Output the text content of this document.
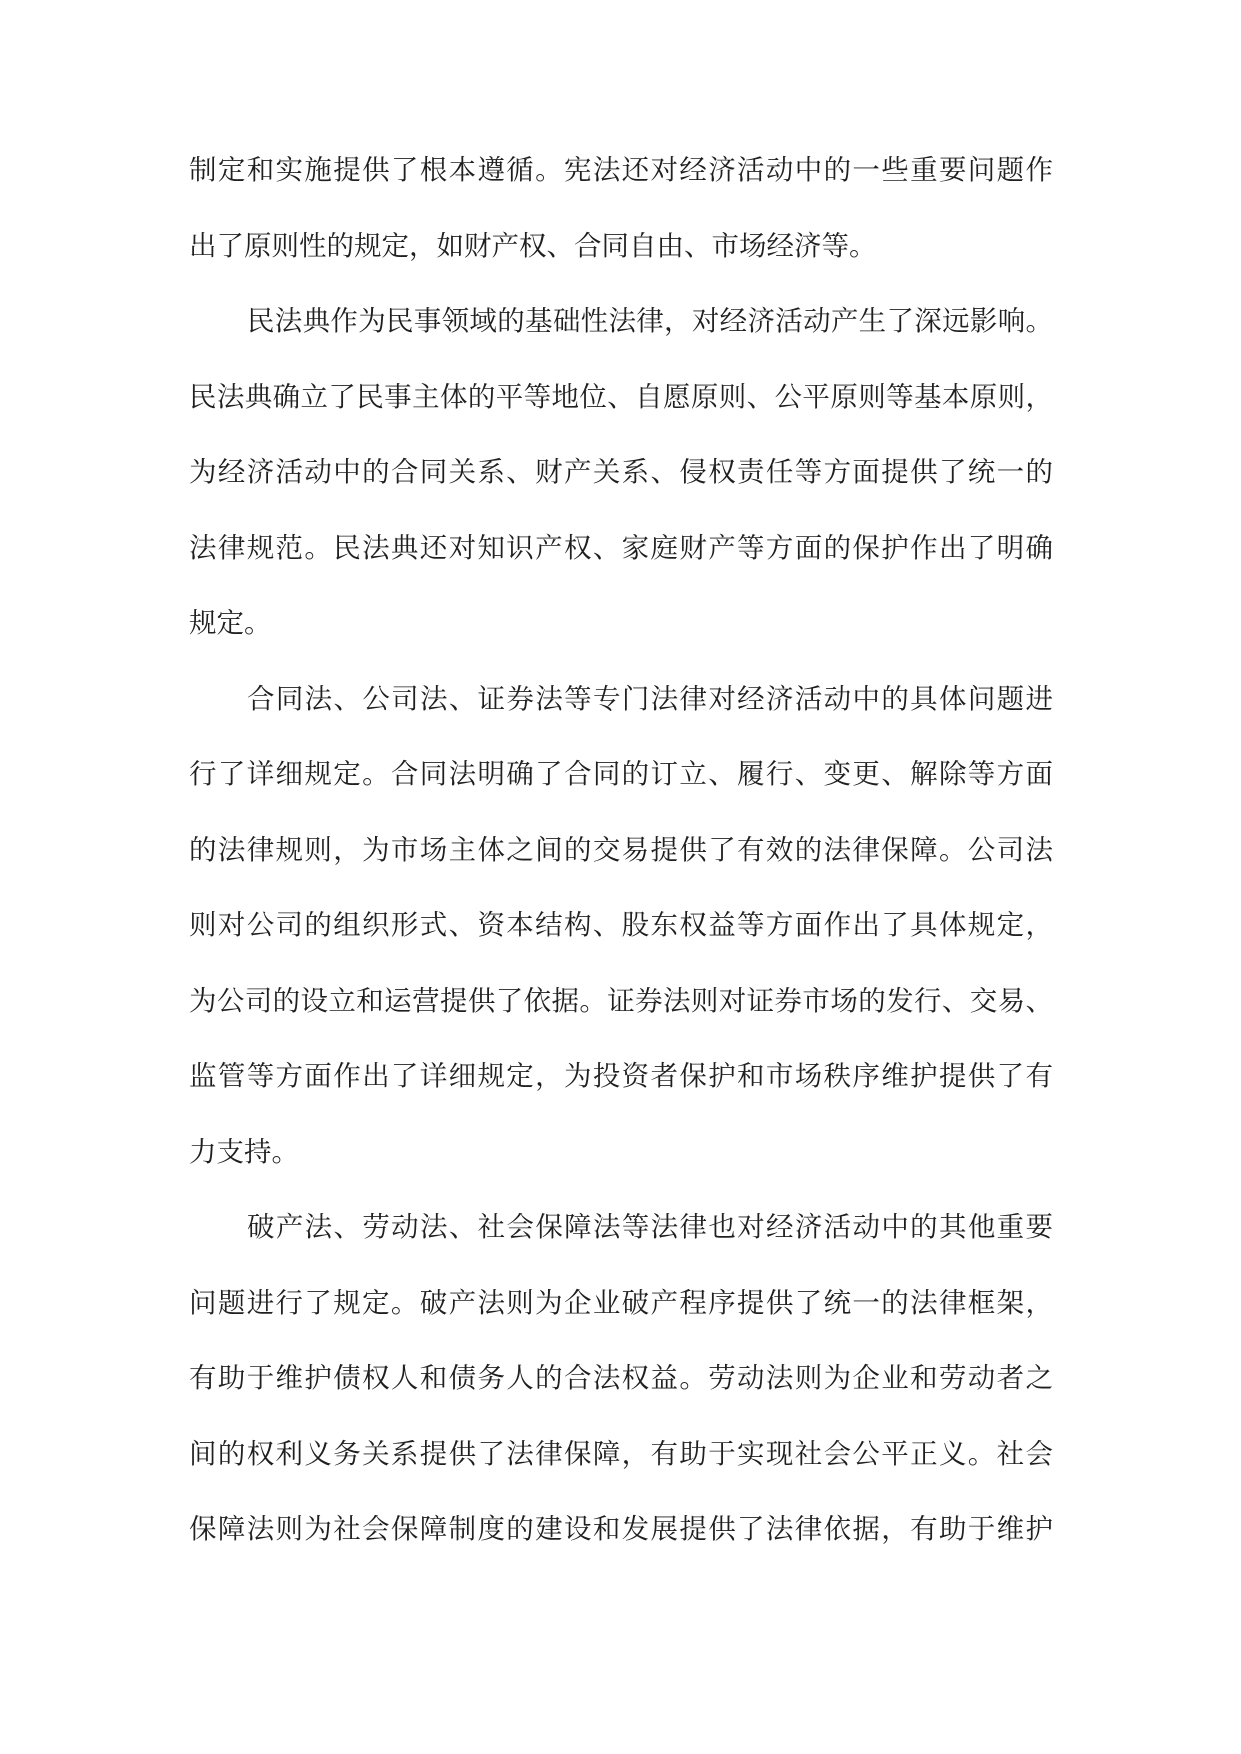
制定和实施提供了根本遵循。宪法还对经济活动中的一些重要问题作
出了原则性的规定，如财产权、合同自由、市场经济等。
民法典作为民事领域的基础性法律，对经济活动产生了深远影响。
民法典确立了民事主体的平等地位、自愿原则、公平原则等基本原则，
为经济活动中的合同关系、财产关系、侵权责任等方面提供了统一的
法律规范。民法典还对知识产权、家庭财产等方面的保护作出了明确
规定。
合同法、公司法、证券法等专门法律对经济活动中的具体问题进
行了详细规定。合同法明确了合同的订立、履行、变更、解除等方面
的法律规则，为市场主体之间的交易提供了有效的法律保障。公司法
则对公司的组织形式、资本结构、股东权益等方面作出了具体规定，
为公司的设立和运营提供了依据。证券法则对证券市场的发行、交易、
监管等方面作出了详细规定，为投资者保护和市场秩序维护提供了有
力支持。
破产法、劳动法、社会保障法等法律也对经济活动中的其他重要
问题进行了规定。破产法则为企业破产程序提供了统一的法律框架，
有助于维护债权人和债务人的合法权益。劳动法则为企业和劳动者之
间的权利义务关系提供了法律保障，有助于实现社会公平正义。社会
保障法则为社会保障制度的建设和发展提供了法律依据，有助于维护
